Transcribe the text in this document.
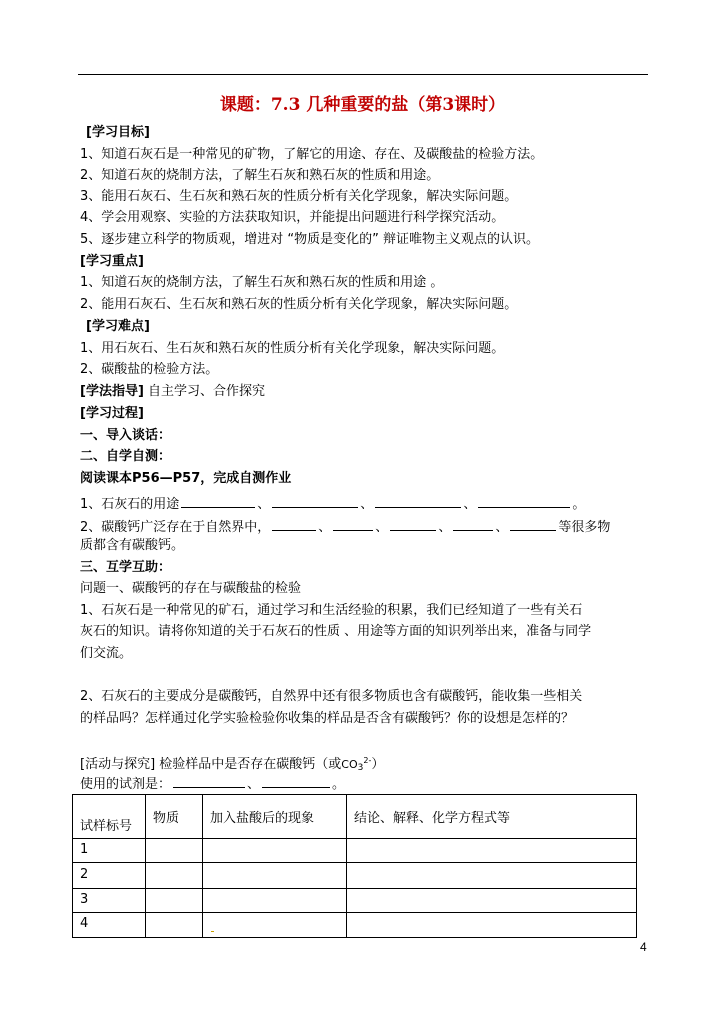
课题：7.3 几种重要的盐（第3课时）
[学习目标]
1、知道石灰石是一种常见的矿物，了解它的用途、存在、及碳酸盐的检验方法。
2、知道石灰的烧制方法，了解生石灰和熟石灰的性质和用途。
3、能用石灰石、生石灰和熟石灰的性质分析有关化学现象，解决实际问题。
4、学会用观察、实验的方法获取知识，并能提出问题进行科学探究活动。
5、逐步建立科学的物质观，增进对 “物质是变化的” 辩证唯物主义观点的认识。
[学习重点]
1、知道石灰的烧制方法，了解生石灰和熟石灰的性质和用途 。
2、能用石灰石、生石灰和熟石灰的性质分析有关化学现象，解决实际问题。
[学习难点]
1、用石灰石、生石灰和熟石灰的性质分析有关化学现象，解决实际问题。
2、碳酸盐的检验方法。
[学法指导] 自主学习、合作探究
[学习过程]
一、导入谈话：
二、自学自测：
阅读课本P56—P57，完成自测作业
1、石灰石的用途	、	、	、	。
2、碳酸钙广泛存在于自然界中，	、	、	、	、	等很多物
质都含有碳酸钙。
三、互学互助：
问题一、碳酸钙的存在与碳酸盐的检验
1、石灰石是一种常见的矿石，通过学习和生活经验的积累，我们已经知道了一些有关石
灰石的知识。请将你知道的关于石灰石的性质 、用途等方面的知识列举出来，准备与同学
们交流。
2、石灰石的主要成分是碳酸钙，自然界中还有很多物质也含有碳酸钙，能收集一些相关
的样品吗？怎样通过化学实验检验你收集的样品是否含有碳酸钙？你的设想是怎样的？
[活动与探究] 检验样品中是否存在碳酸钙（或$CO_3^{2-}$）
使用的试剂是：	、	。
试样标号	物质	加入盐酸后的现象	结论、解释、化学方程式等
1			
2			
3			
4			
4
